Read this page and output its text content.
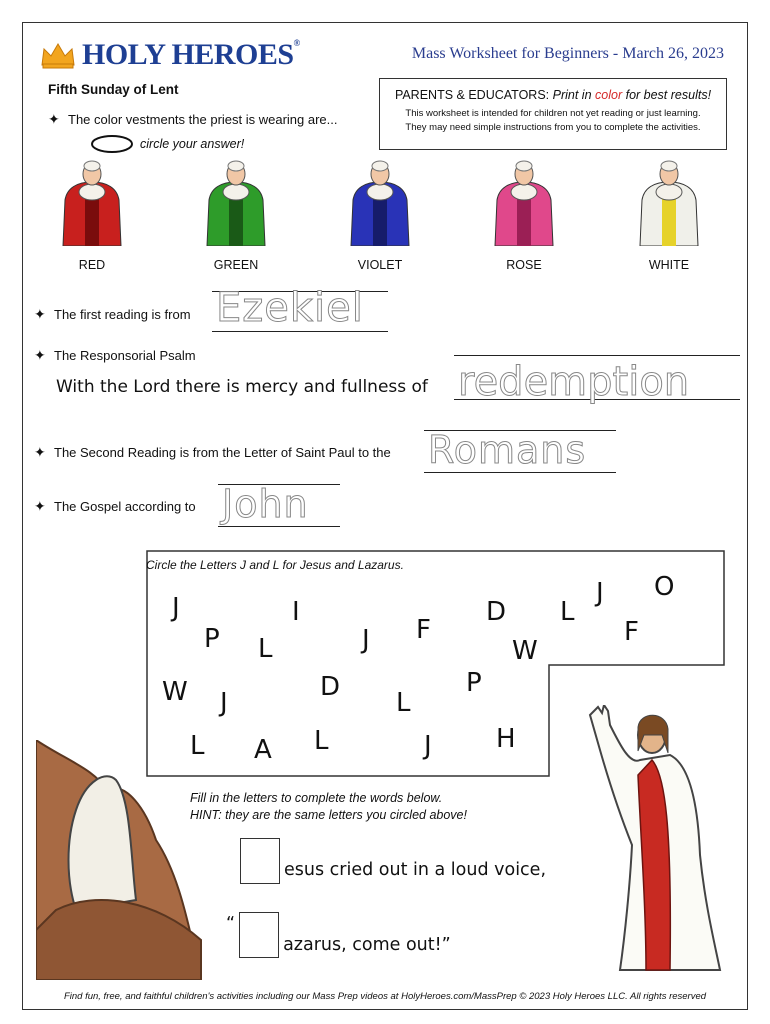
HOLY HEROES®
Mass Worksheet for Beginners - March 26, 2023
Fifth Sunday of Lent	PARENTS & EDUCATORS: Print in color for best results!
This worksheet is intended for children not yet reading or just learning.
They may need simple instructions from you to complete the activities.
✦ The color vestments the priest is wearing are...
circle your answer!
RED	GREEN	VIOLET	ROSE	WHITE
✦ The first reading is from Ezekiel
✦ The Responsorial Psalm
With the Lord there is mercy and fullness of redemption
✦ The Second Reading is from the Letter of Saint Paul to the Romans
✦ The Gospel according to John
Circle the Letters J and L for Jesus and Lazarus.
J	I	D L
J O
P L	J F
W
F
W J
D
L
P
L A L	J H
Fill in the letters to complete the words below.
HINT: they are the same letters you circled above!
esus cried out in a loud voice,
“
azarus, come out!”
Find fun, free, and faithful children's activities including our Mass Prep videos at HolyHeroes.com/MassPrep © 2023 Holy Heroes LLC. All rights reserved
